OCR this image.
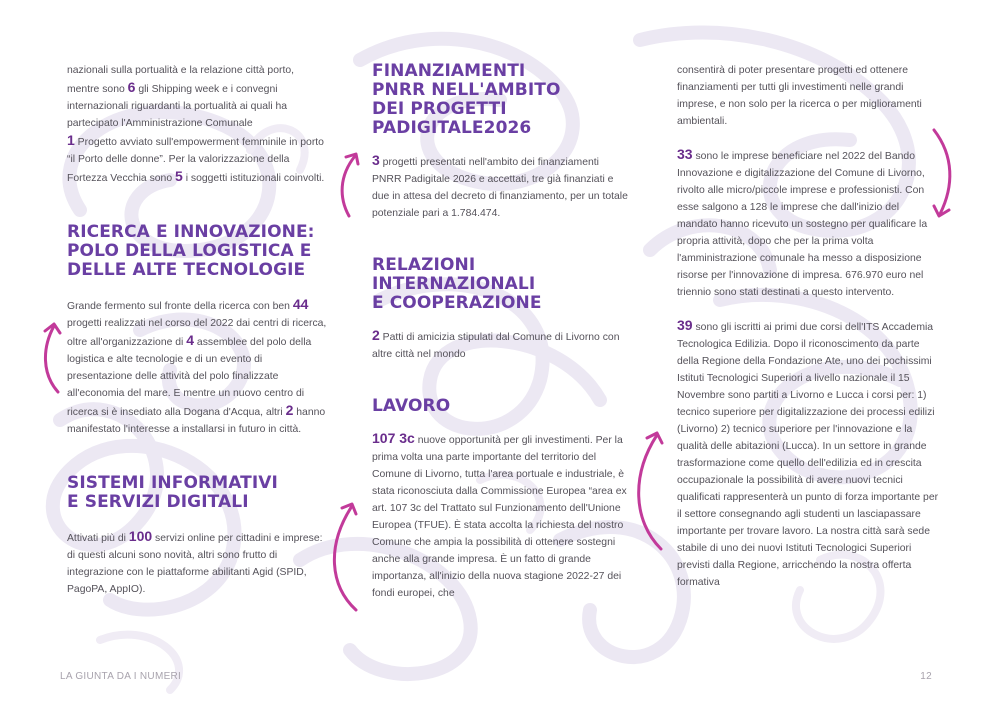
nazionali sulla portualità e la relazione città porto, mentre sono 6 gli Shipping week e i convegni internazionali riguardanti la portualità ai quali ha partecipato l'Amministrazione Comunale

1 Progetto avviato sull'empowerment femminile in porto “il Porto delle donne”. Per la valorizzazione della Fortezza Vecchia sono 5 i soggetti istituzionali coinvolti.

RICERCA E INNOVAZIONE:
POLO DELLA LOGISTICA E
DELLE ALTE TECNOLOGIE

Grande fermento sul fronte della ricerca con ben 44 progetti realizzati nel corso del 2022 dai centri di ricerca, oltre all'organizzazione di 4 assemblee del polo della logistica e alte tecnologie e di un evento di presentazione delle attività del polo finalizzate all'economia del mare. E mentre un nuovo centro di ricerca si è insediato alla Dogana d'Acqua, altri 2 hanno manifestato l'interesse a installarsi in futuro in città.

SISTEMI INFORMATIVI
E SERVIZI DIGITALI

Attivati più di 100 servizi online per cittadini e imprese: di questi alcuni sono novità, altri sono frutto di integrazione con le piattaforme abilitanti Agid (SPID, PagoPA, AppIO).

FINANZIAMENTI
PNRR NELL'AMBITO
DEI PROGETTI
PADIGITALE2026

3 progetti presentati nell'ambito dei finanziamenti PNRR Padigitale 2026 e accettati, tre già finanziati e due in attesa del decreto di finanziamento, per un totale potenziale pari a 1.784.474.

RELAZIONI
INTERNAZIONALI
E COOPERAZIONE

2 Patti di amicizia stipulati dal Comune di Livorno con altre città nel mondo

LAVORO

107 3c nuove opportunità per gli investimenti. Per la prima volta una parte importante del territorio del Comune di Livorno, tutta l'area portuale e industriale, è stata riconosciuta dalla Commissione Europea “area ex art. 107 3c del Trattato sul Funzionamento dell'Unione Europea (TFUE). È stata accolta la richiesta del nostro Comune che ampia la possibilità di ottenere sostegni anche alla grande impresa. È un fatto di grande importanza, all'inizio della nuova stagione 2022-27 dei fondi europei, che

consentirà di poter presentare progetti ed ottenere finanziamenti per tutti gli investimenti nelle grandi imprese, e non solo per la ricerca o per miglioramenti ambientali.

33 sono le imprese beneficiare nel 2022 del Bando Innovazione e digitalizzazione del Comune di Livorno, rivolto alle micro/piccole imprese e professionisti. Con esse salgono a 128 le imprese che dall'inizio del mandato hanno ricevuto un sostegno per qualificare la propria attività, dopo che per la prima volta l'amministrazione comunale ha messo a disposizione risorse per l'innovazione di impresa. 676.970 euro nel triennio sono stati destinati a questo intervento.

39 sono gli iscritti ai primi due corsi dell'ITS Accademia Tecnologica Edilizia. Dopo il riconoscimento da parte della Regione della Fondazione Ate, uno dei pochissimi Istituti Tecnologici Superiori a livello nazionale il 15 Novembre sono partiti a Livorno e Lucca i corsi per: 1) tecnico superiore per digitalizzazione dei processi edilizi (Livorno) 2) tecnico superiore per l'innovazione e la qualità delle abitazioni (Lucca). In un settore in grande trasformazione come quello dell'edilizia ed in crescita occupazionale la possibilità di avere nuovi tecnici qualificati rappresenterà un punto di forza importante per il settore consegnando agli studenti un lasciapassare importante per trovare lavoro. La nostra città sarà sede stabile di uno dei nuovi Istituti Tecnologici Superiori previsti dalla Regione, arricchendo la nostra offerta formativa

LA GIUNTA DA I NUMERI	12
